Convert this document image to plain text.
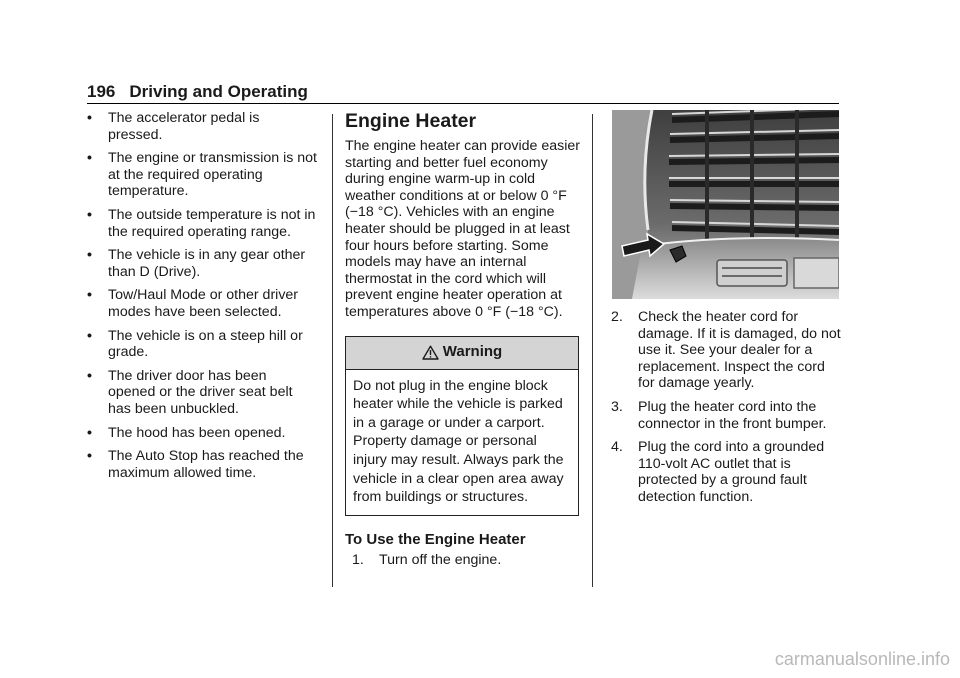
196 Driving and Operating
• The accelerator pedal is pressed.
• The engine or transmission is not at the required operating temperature.
• The outside temperature is not in the required operating range.
• The vehicle is in any gear other than D (Drive).
• Tow/Haul Mode or other driver modes have been selected.
• The vehicle is on a steep hill or grade.
• The driver door has been opened or the driver seat belt has been unbuckled.
• The hood has been opened.
• The Auto Stop has reached the maximum allowed time.
Engine Heater

The engine heater can provide easier starting and better fuel economy during engine warm-up in cold weather conditions at or below 0 °F (−18 °C). Vehicles with an engine heater should be plugged in at least four hours before starting. Some models may have an internal thermostat in the cord which will prevent engine heater operation at temperatures above 0 °F (−18 °C).

Warning
Do not plug in the engine block heater while the vehicle is parked in a garage or under a carport. Property damage or personal injury may result. Always park the vehicle in a clear open area away from buildings or structures.
To Use the Engine Heater
1. Turn off the engine.
2. Check the heater cord for damage. If it is damaged, do not use it. See your dealer for a replacement. Inspect the cord for damage yearly.
3. Plug the heater cord into the connector in the front bumper.
4. Plug the cord into a grounded 110-volt AC outlet that is protected by a ground fault detection function.
carmanualsonline.info
